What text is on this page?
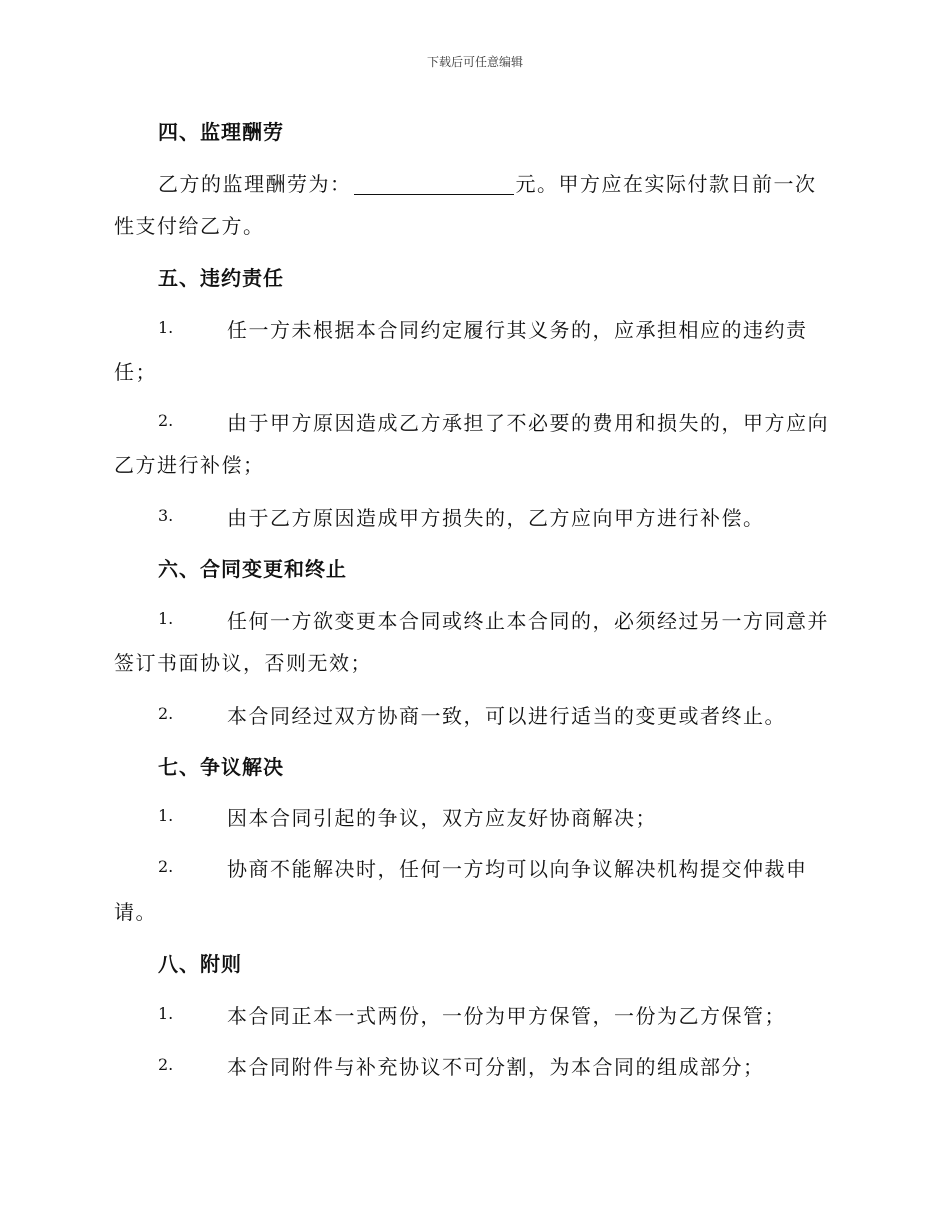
下载后可任意编辑
四、监理酬劳
乙方的监理酬劳为：	元。甲方应在实际付款日前一次
性支付给乙方。
五、违约责任
1.	任一方未根据本合同约定履行其义务的，应承担相应的违约责
任；
2.	由于甲方原因造成乙方承担了不必要的费用和损失的，甲方应向
乙方进行补偿；
3.	由于乙方原因造成甲方损失的，乙方应向甲方进行补偿。
六、合同变更和终止
1.	任何一方欲变更本合同或终止本合同的，必须经过另一方同意并
签订书面协议，否则无效；
2.	本合同经过双方协商一致，可以进行适当的变更或者终止。
七、争议解决
1.	因本合同引起的争议，双方应友好协商解决；
2.	协商不能解决时，任何一方均可以向争议解决机构提交仲裁申
请。
八、附则
1.	本合同正本一式两份，一份为甲方保管，一份为乙方保管；
2.	本合同附件与补充协议不可分割，为本合同的组成部分；
